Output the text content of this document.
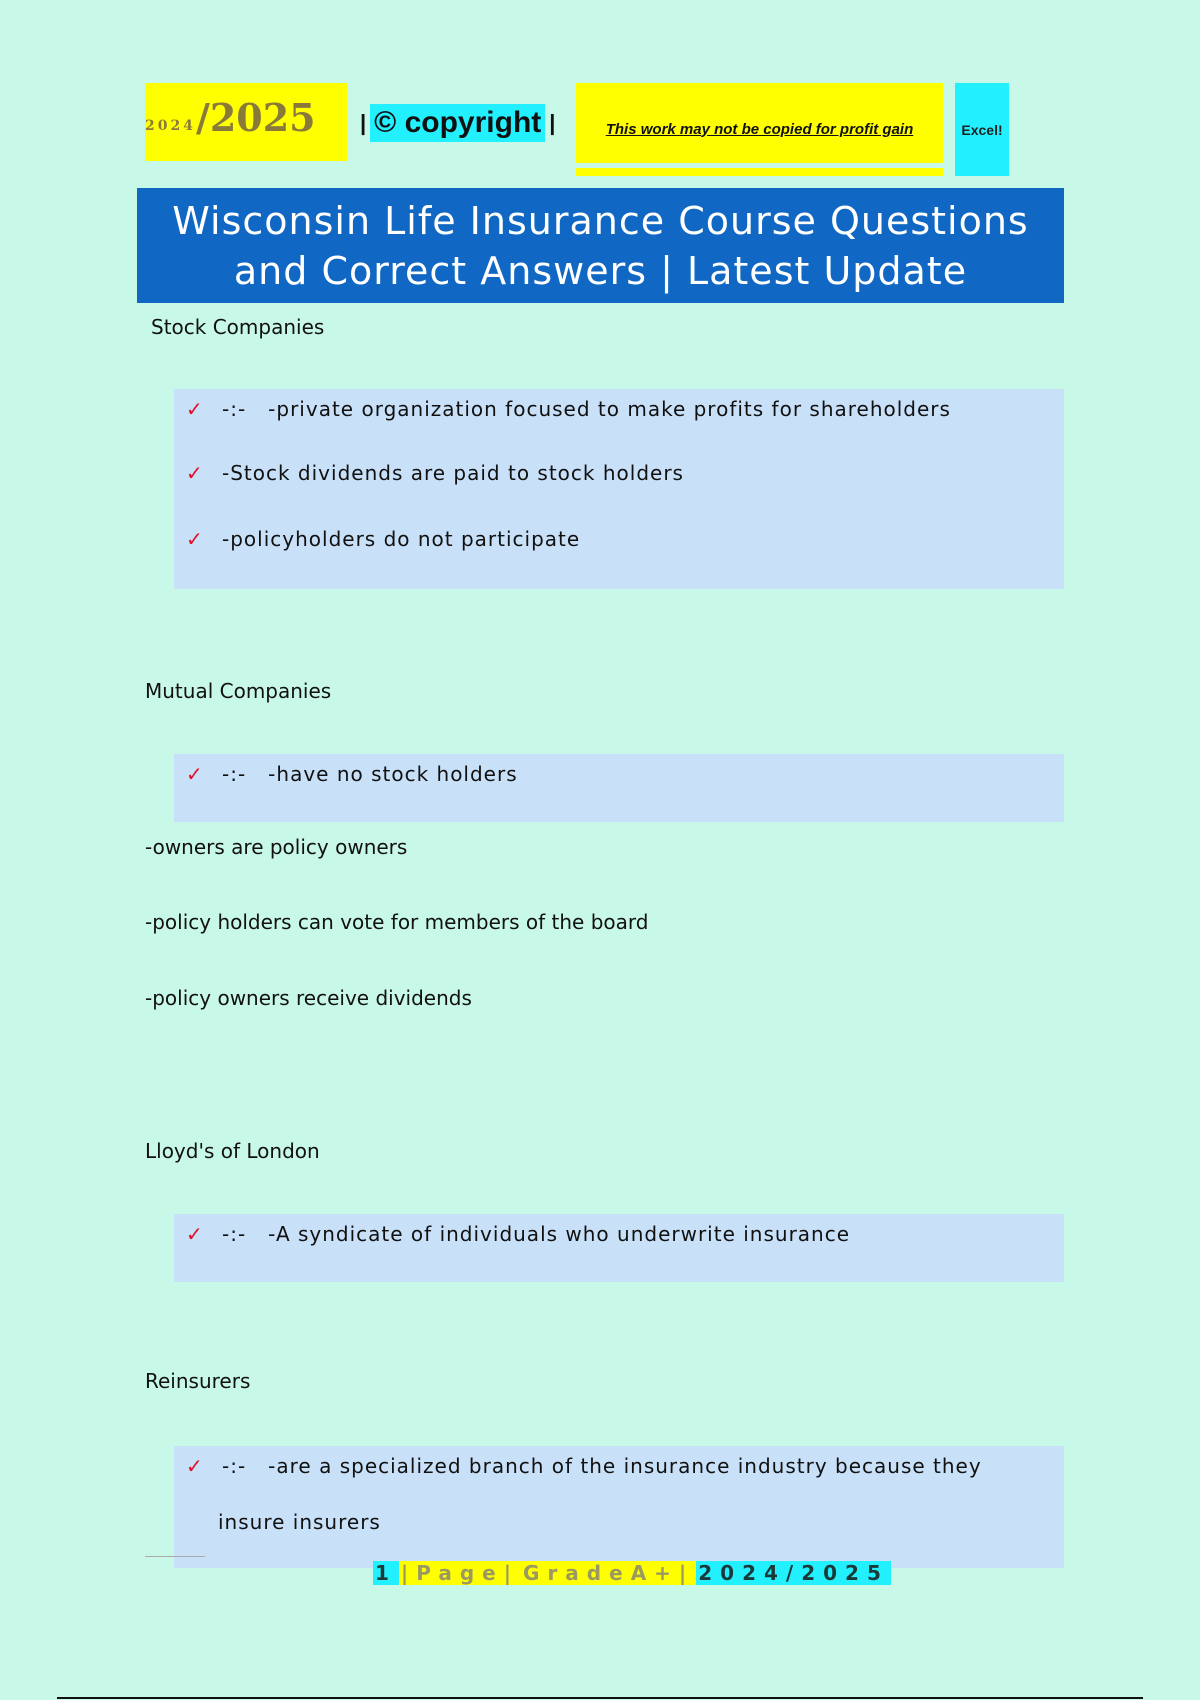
2024 /2025 | © copyright |	This work may not be copied for profit gain	Excel!
Wisconsin Life Insurance Course Questions and Correct Answers | Latest Update
Stock Companies
✓ -:- -private organization focused to make profits for shareholders
✓ -Stock dividends are paid to stock holders
✓ -policyholders do not participate
Mutual Companies
✓ -:- -have no stock holders
-owners are policy owners
-policy holders can vote for members of the board
-policy owners receive dividends
Lloyd's of London
✓ -:- -A syndicate of individuals who underwrite insurance
Reinsurers
✓ -:- -are a specialized branch of the insurance industry because they
insure insurers
1 |Page| GradeA+| 2024/2025
